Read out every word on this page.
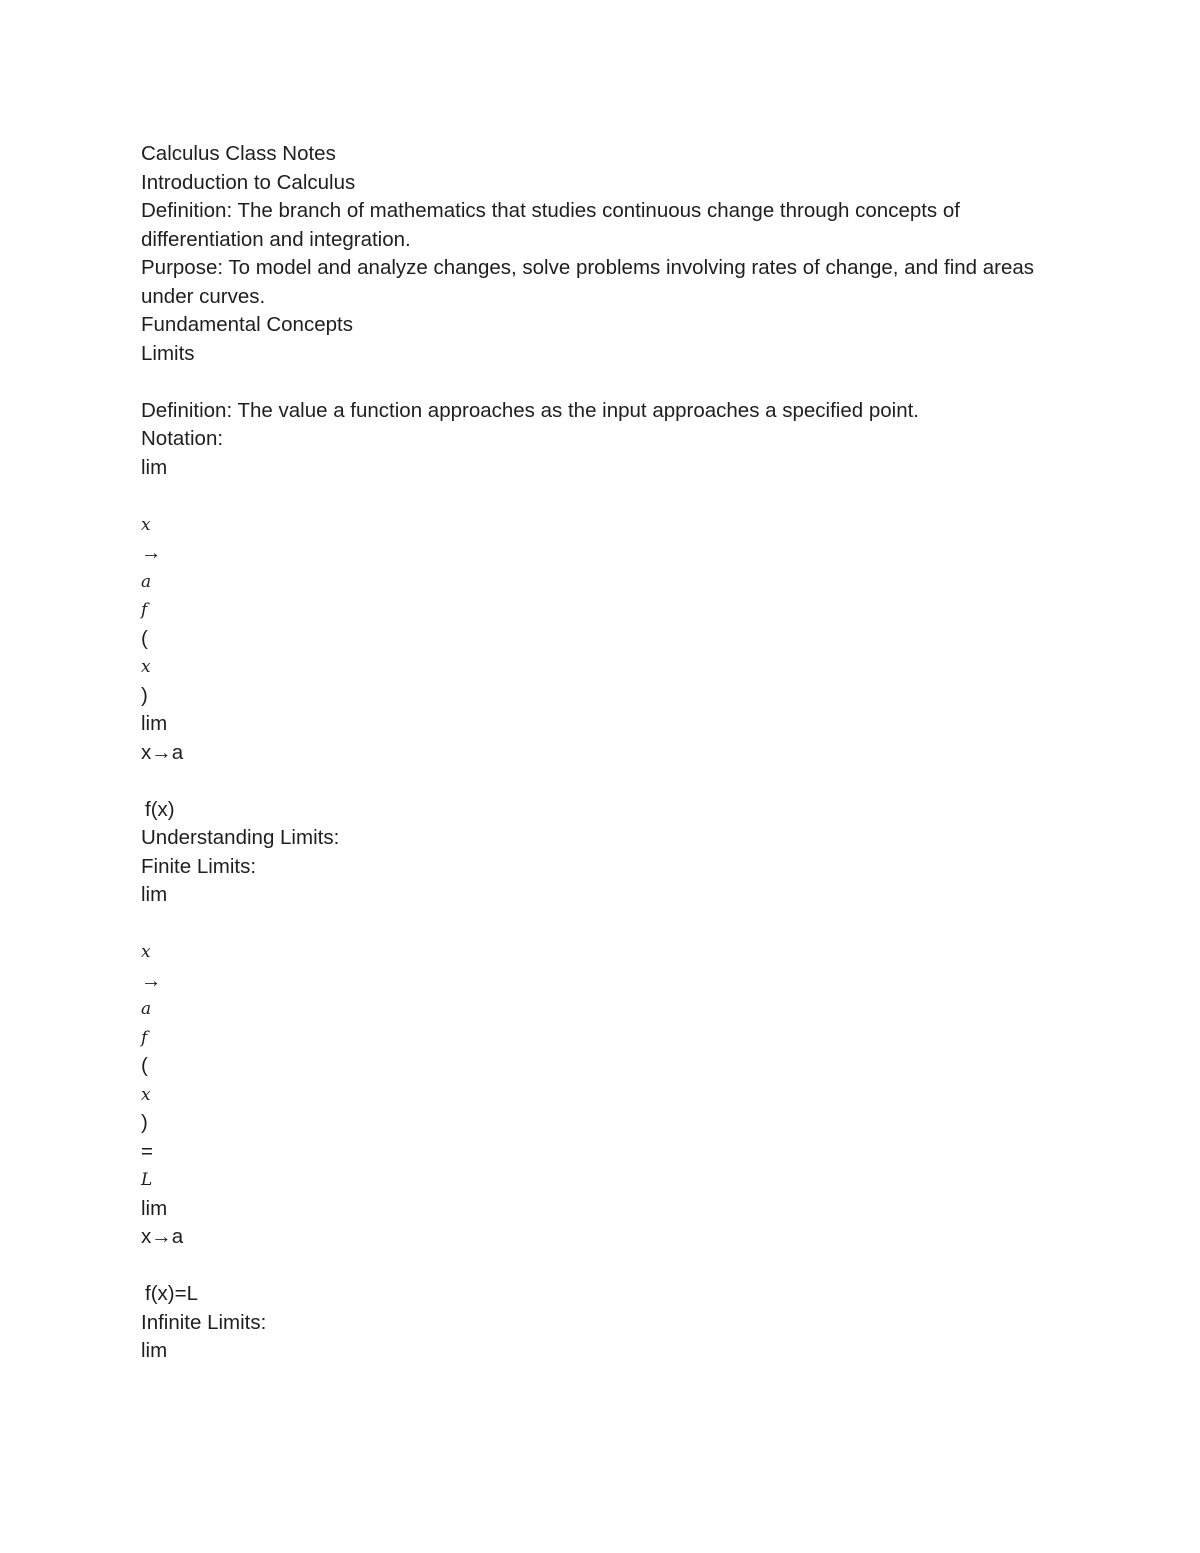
Calculus Class Notes
Introduction to Calculus
Definition: The branch of mathematics that studies continuous change through concepts of differentiation and integration.
Purpose: To model and analyze changes, solve problems involving rates of change, and find areas under curves.
Fundamental Concepts
Limits
Definition: The value a function approaches as the input approaches a specified point.
Notation:
lim
x
→
a
f
(
x
)
lim
x→a
f(x)
Understanding Limits:
Finite Limits:
lim
x
→
a
f
(
x
)
=
L
lim
x→a
f(x)=L
Infinite Limits:
lim
